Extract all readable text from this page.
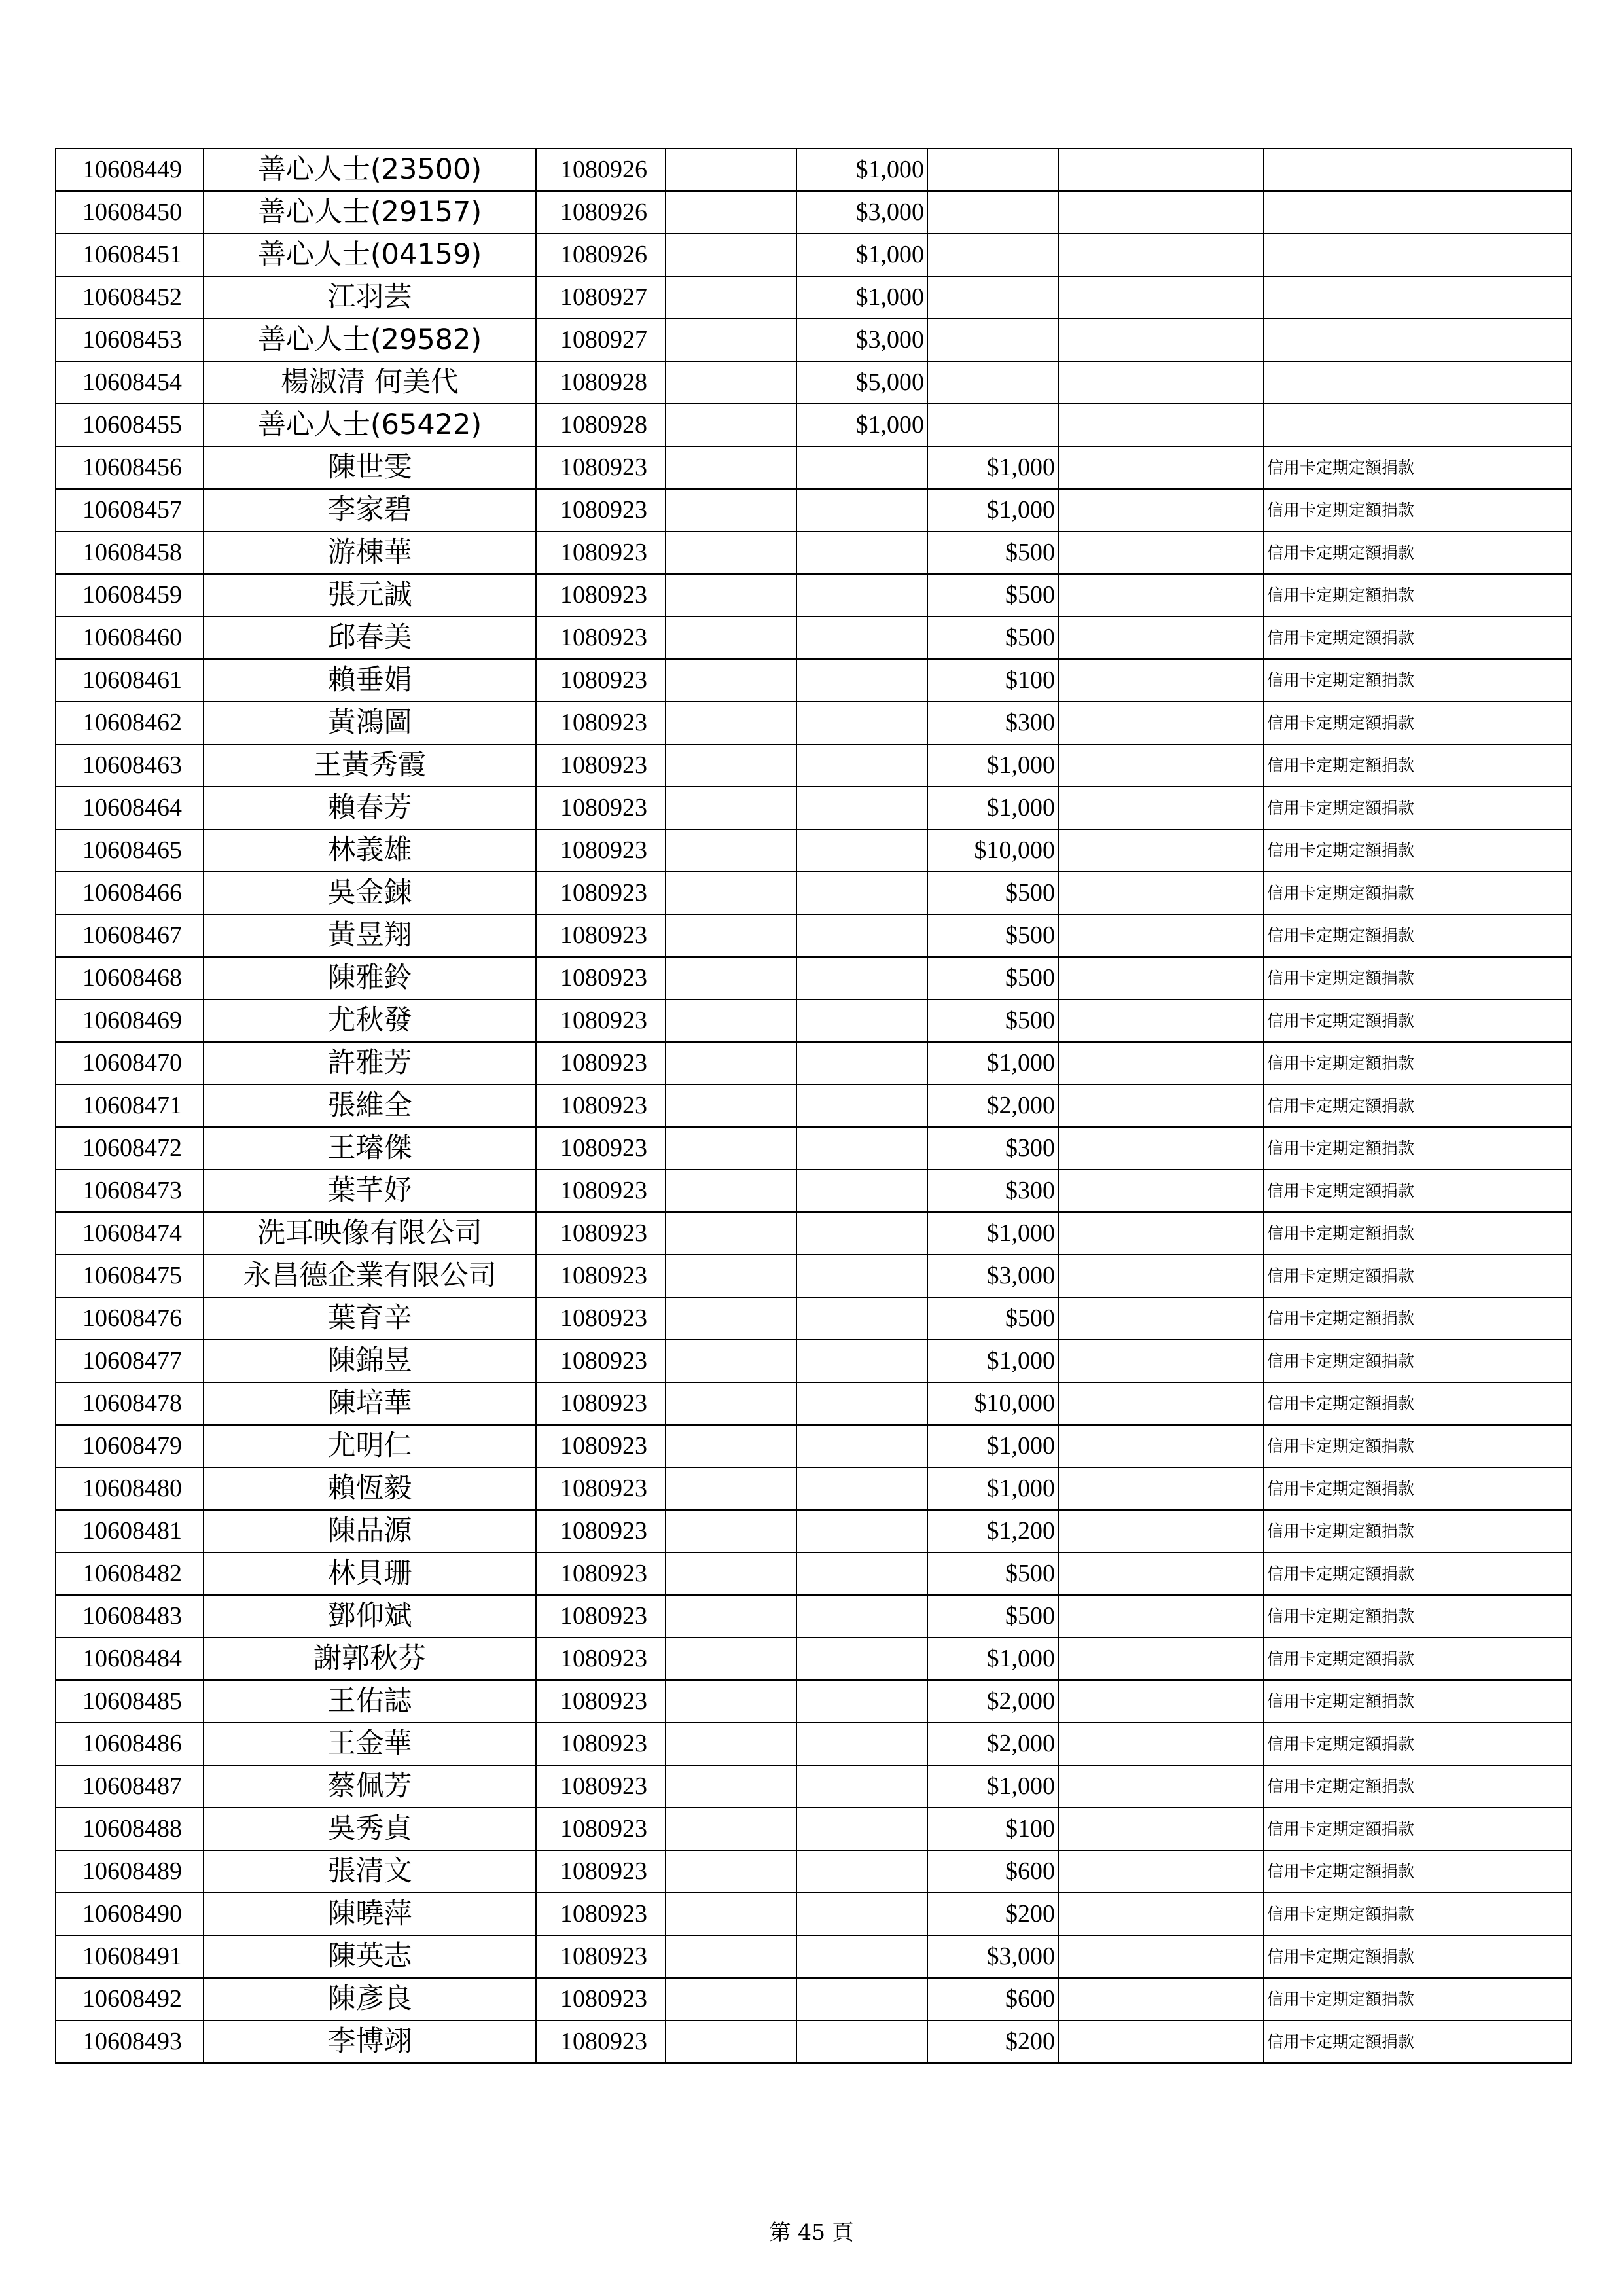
10608449	善心人士(23500)	1080926		$1,000			
10608450	善心人士(29157)	1080926		$3,000			
10608451	善心人士(04159)	1080926		$1,000			
10608452	江羽芸	1080927		$1,000			
10608453	善心人士(29582)	1080927		$3,000			
10608454	楊淑清 何美代	1080928		$5,000			
10608455	善心人士(65422)	1080928		$1,000			
10608456	陳世雯	1080923			$1,000		信用卡定期定額捐款
10608457	李家碧	1080923			$1,000		信用卡定期定額捐款
10608458	游棟華	1080923			$500		信用卡定期定額捐款
10608459	張元誠	1080923			$500		信用卡定期定額捐款
10608460	邱春美	1080923			$500		信用卡定期定額捐款
10608461	賴垂娟	1080923			$100		信用卡定期定額捐款
10608462	黃鴻圖	1080923			$300		信用卡定期定額捐款
10608463	王黃秀霞	1080923			$1,000		信用卡定期定額捐款
10608464	賴春芳	1080923			$1,000		信用卡定期定額捐款
10608465	林義雄	1080923			$10,000		信用卡定期定額捐款
10608466	吳金鍊	1080923			$500		信用卡定期定額捐款
10608467	黃昱翔	1080923			$500		信用卡定期定額捐款
10608468	陳雅鈴	1080923			$500		信用卡定期定額捐款
10608469	尤秋發	1080923			$500		信用卡定期定額捐款
10608470	許雅芳	1080923			$1,000		信用卡定期定額捐款
10608471	張維全	1080923			$2,000		信用卡定期定額捐款
10608472	王璿傑	1080923			$300		信用卡定期定額捐款
10608473	葉芊妤	1080923			$300		信用卡定期定額捐款
10608474	洗耳映像有限公司	1080923			$1,000		信用卡定期定額捐款
10608475	永昌德企業有限公司	1080923			$3,000		信用卡定期定額捐款
10608476	葉育辛	1080923			$500		信用卡定期定額捐款
10608477	陳錦昱	1080923			$1,000		信用卡定期定額捐款
10608478	陳培華	1080923			$10,000		信用卡定期定額捐款
10608479	尤明仁	1080923			$1,000		信用卡定期定額捐款
10608480	賴恆毅	1080923			$1,000		信用卡定期定額捐款
10608481	陳品源	1080923			$1,200		信用卡定期定額捐款
10608482	林貝珊	1080923			$500		信用卡定期定額捐款
10608483	鄧仰斌	1080923			$500		信用卡定期定額捐款
10608484	謝郭秋芬	1080923			$1,000		信用卡定期定額捐款
10608485	王佑誌	1080923			$2,000		信用卡定期定額捐款
10608486	王金華	1080923			$2,000		信用卡定期定額捐款
10608487	蔡佩芳	1080923			$1,000		信用卡定期定額捐款
10608488	吳秀貞	1080923			$100		信用卡定期定額捐款
10608489	張清文	1080923			$600		信用卡定期定額捐款
10608490	陳曉萍	1080923			$200		信用卡定期定額捐款
10608491	陳英志	1080923			$3,000		信用卡定期定額捐款
10608492	陳彥良	1080923			$600		信用卡定期定額捐款
10608493	李博翊	1080923			$200		信用卡定期定額捐款
第 45 頁
